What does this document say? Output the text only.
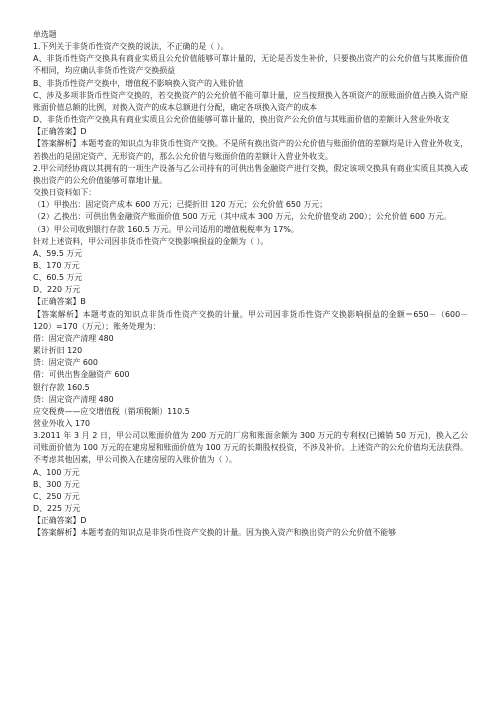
单选题
1.下列关于非货币性资产交换的说法，不正确的是（ ）。
A、非货币性资产交换具有商业实质且公允价值能够可靠计量的，无论是否发生补价，只要换出资产的公允价值与其账面价值不相同，均应确认非货币性资产交换损益
B、非货币性资产交换中，增值税不影响换入资产的入账价值
C、涉及多项非货币性资产交换的，若交换资产的公允价值不能可靠计量，应当按照换入各项资产的原账面价值占换入资产原账面价值总额的比例，对换入资产的成本总额进行分配，确定各项换入资产的成本
D、非货币性资产交换具有商业实质且公允价值能够可靠计量的，换出资产公允价值与其账面价值的差额计入营业外收支
【正确答案】D
【答案解析】本题考查的知识点为非货币性资产交换。不是所有换出资产的公允价值与账面价值的差额均是计入营业外收支，若换出的是固定资产、无形资产的，那么公允价值与账面价值的差额计入营业外收支。
2.甲公司经协商以其拥有的一项生产设备与乙公司持有的可供出售金融资产进行交换，假定该项交换具有商业实质且其换入或换出资产的公允价值能够可靠地计量。
交换日资料如下：
（1）甲换出：固定资产成本 600 万元；已提折旧 120 万元；公允价值 650 万元；
（2）乙换出：可供出售金融资产账面价值 500 万元（其中成本 300 万元，公允价值变动 200）；公允价值 600 万元。
（3）甲公司收到银行存款 160.5 万元。甲公司适用的增值税税率为 17%。
针对上述资料，甲公司因非货币性资产交换影响损益的金额为（ ）。
A、59.5 万元
B、170 万元
C、60.5 万元
D、220 万元
【正确答案】B
【答案解析】本题考查的知识点非货币性资产交换的计量。甲公司因非货币性资产交换影响损益的金额＝650－（600－120）=170（万元）；账务处理为：
借：固定资产清理 480
累计折旧 120
贷：固定资产 600
借：可供出售金融资产 600
银行存款 160.5
贷：固定资产清理 480
应交税费——应交增值税（销项税额）110.5
营业外收入 170
3.2011 年 3 月 2 日，甲公司以账面价值为 200 万元的厂房和账面余额为 300 万元的专利权(已摊销 50 万元)，换入乙公司账面价值为 100 万元的在建房屋和账面价值为 100 万元的长期股权投资，不涉及补价。上述资产的公允价值均无法获得。不考虑其他因素，甲公司换入在建房屋的入账价值为（ ）。
A、100 万元
B、300 万元
C、250 万元
D、225 万元
【正确答案】D
【答案解析】本题考查的知识点是非货币性资产交换的计量。因为换入资产和换出资产的公允价值不能够
